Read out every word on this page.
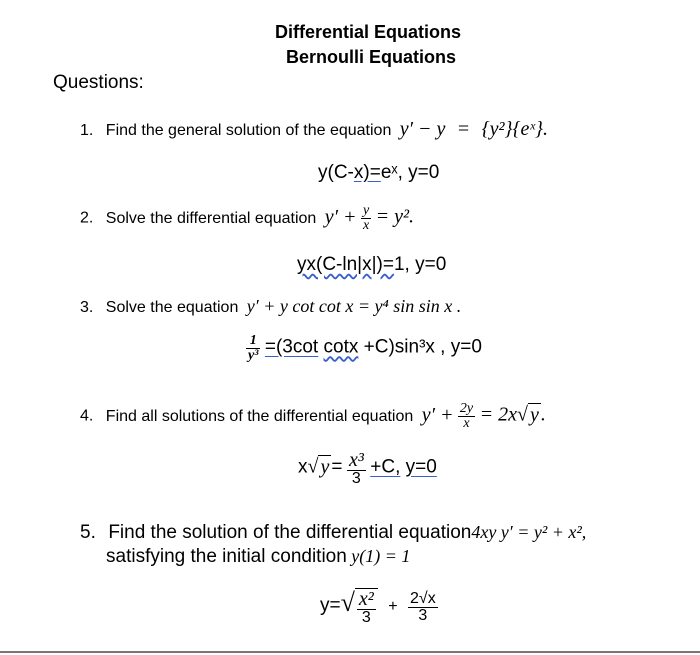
Differential Equations
Bernoulli Equations
Questions:
1. Find the general solution of the equation y′ − y = {y²}{eˣ}.
y(C-x)=eˣ, y=0
2. Solve the differential equation $y' + \frac{y}{x} = y^2$.
yx(C-ln|x|)=1, y=0
3. Solve the equation y′ + y cot cot x = y⁴ sin sin x .
$\frac{1}{\text{y³}} =(3\cot$ cotx +C)sin³x , y=0
4. Find all solutions of the differential equation $y' + \frac{2y}{x} = 2x√$ y .
x√ $y = \frac{\text{x³}}{3} +C$, y=0
5. Find the solution of the differential equation4xy y′ = y² + x²,
satisfying the initial condition y(1) = 1
$y=√ \frac{\text{x²}}{3} + \frac{2√x}{3}$
